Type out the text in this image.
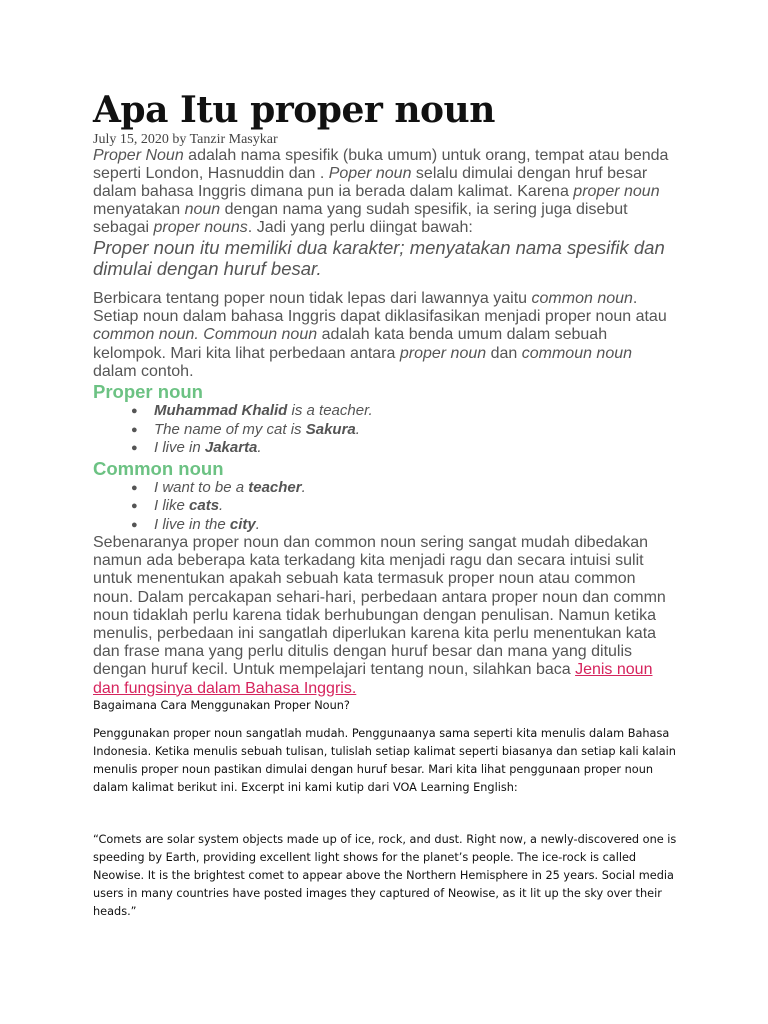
Apa Itu proper noun

July 15, 2020 by Tanzir Masykar

Proper Noun adalah nama spesifik (buka umum) untuk orang, tempat atau benda seperti London, Hasnuddin dan . Poper noun selalu dimulai dengan hruf besar dalam bahasa Inggris dimana pun ia berada dalam kalimat. Karena proper noun menyatakan noun dengan nama yang sudah spesifik, ia sering juga disebut sebagai proper nouns. Jadi yang perlu diingat bawah:

Proper noun itu memiliki dua karakter; menyatakan nama spesifik dan dimulai dengan huruf besar.

Berbicara tentang poper noun tidak lepas dari lawannya yaitu common noun. Setiap noun dalam bahasa Inggris dapat diklasifasikan menjadi proper noun atau common noun. Commoun noun adalah kata benda umum dalam sebuah kelompok. Mari kita lihat perbedaan antara proper noun dan commoun noun dalam contoh.

Proper noun
● Muhammad Khalid is a teacher.
● The name of my cat is Sakura.
● I live in Jakarta.
Common noun
● I want to be a teacher.
● I like cats.
● I live in the city.

Sebenaranya proper noun dan common noun sering sangat mudah dibedakan namun ada beberapa kata terkadang kita menjadi ragu dan secara intuisi sulit untuk menentukan apakah sebuah kata termasuk proper noun atau common noun. Dalam percakapan sehari-hari, perbedaan antara proper noun dan commn noun tidaklah perlu karena tidak berhubungan dengan penulisan. Namun ketika menulis, perbedaan ini sangatlah diperlukan karena kita perlu menentukan kata dan frase mana yang perlu ditulis dengan huruf besar dan mana yang ditulis dengan huruf kecil. Untuk mempelajari tentang noun, silahkan baca Jenis noun dan fungsinya dalam Bahasa Inggris.

Bagaimana Cara Menggunakan Proper Noun?

Penggunakan proper noun sangatlah mudah. Penggunaanya sama seperti kita menulis dalam Bahasa Indonesia. Ketika menulis sebuah tulisan, tulislah setiap kalimat seperti biasanya dan setiap kali kalain menulis proper noun pastikan dimulai dengan huruf besar. Mari kita lihat penggunaan proper noun dalam kalimat berikut ini. Excerpt ini kami kutip dari VOA Learning English:

“Comets are solar system objects made up of ice, rock, and dust. Right now, a newly-discovered one is speeding by Earth, providing excellent light shows for the planet’s people. The ice-rock is called Neowise. It is the brightest comet to appear above the Northern Hemisphere in 25 years. Social media users in many countries have posted images they captured of Neowise, as it lit up the sky over their heads.”
